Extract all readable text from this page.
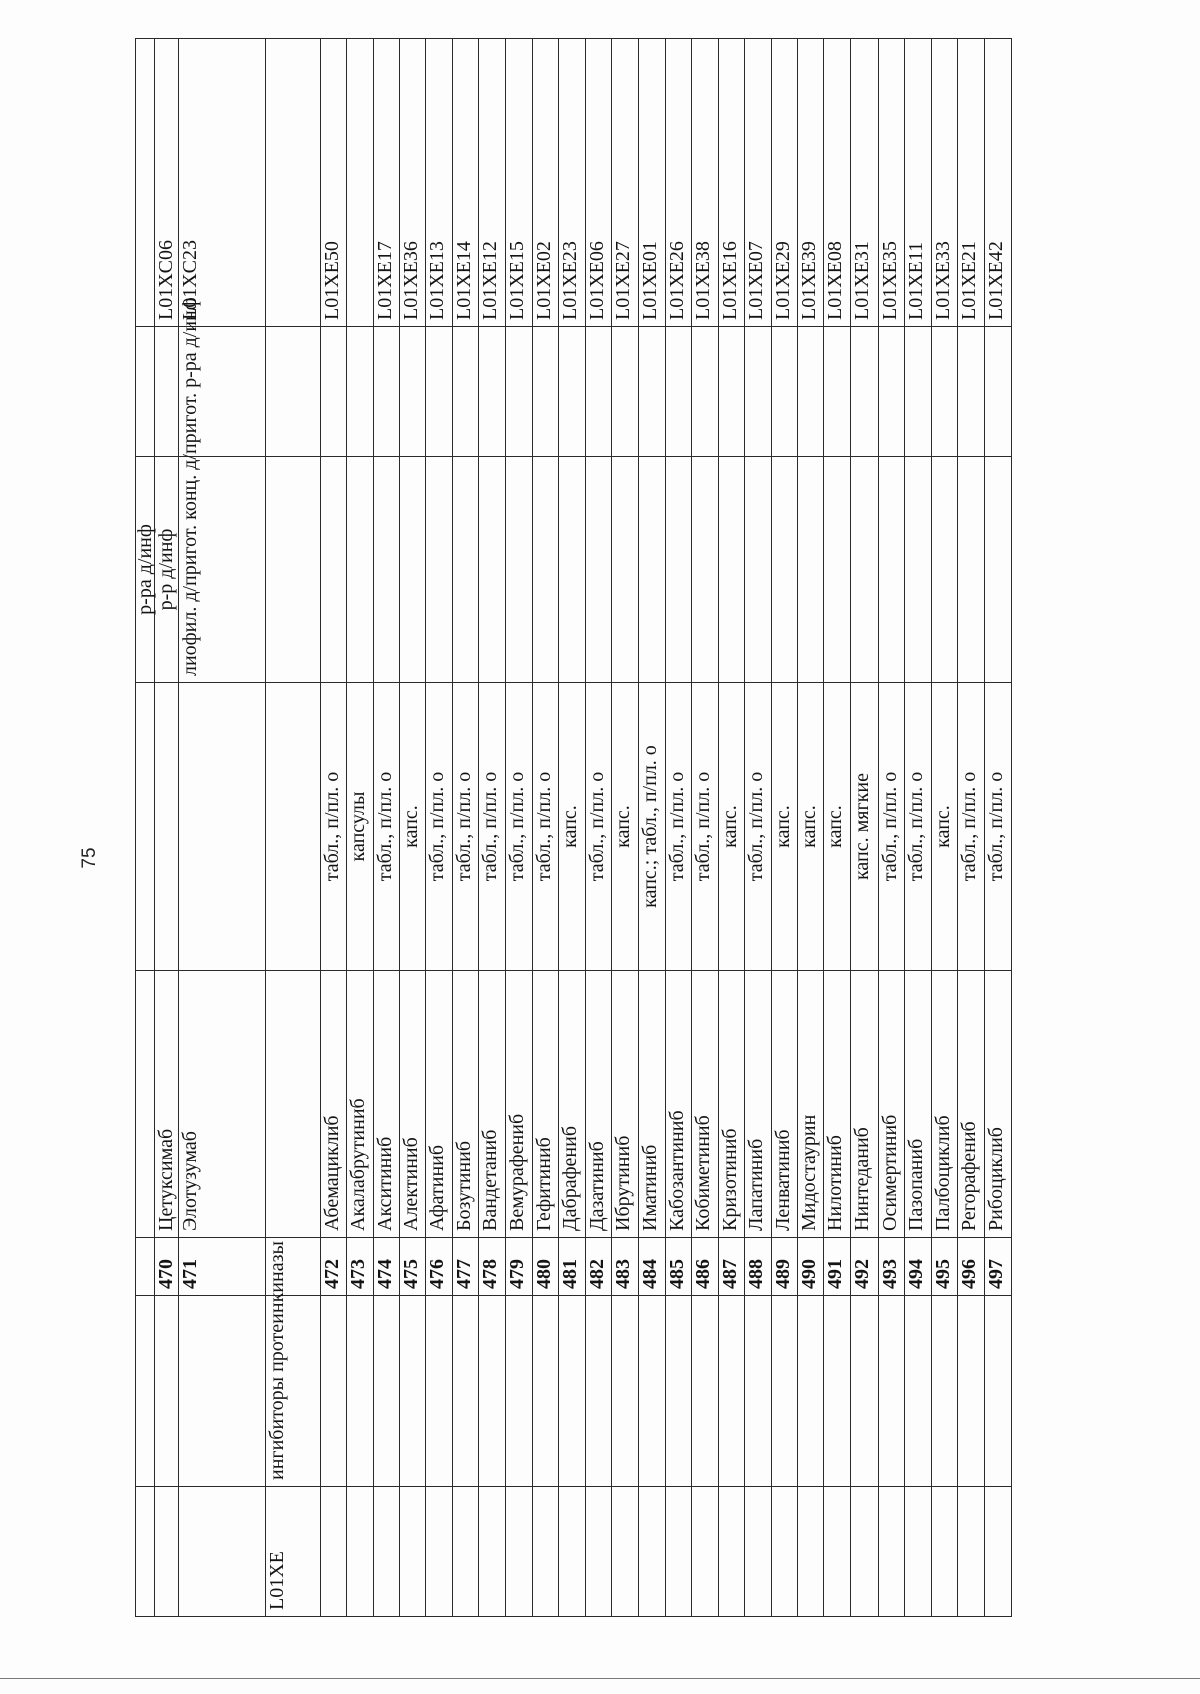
75
					р-ра д/инф		
		470	Цетуксимаб		р-р д/инф		L01XC06
		471	Элотузумаб		лиофил. д/пригот. конц. д/пригот. р-ра д/инф		L01XC23
L01XE	ингибиторы протеинкиназы						
		472	Абемациклиб	табл., п/пл. о			L01XE50
		473	Акалабрутиниб	капсулы			
		474	Акситиниб	табл., п/пл. о			L01XE17
		475	Алектиниб	капс.			L01XE36
		476	Афатиниб	табл., п/пл. о			L01XE13
		477	Бозутиниб	табл., п/пл. о			L01XE14
		478	Вандетаниб	табл., п/пл. о			L01XE12
		479	Вемурафениб	табл., п/пл. о			L01XE15
		480	Гефитиниб	табл., п/пл. о			L01XE02
		481	Дабрафениб	капс.			L01XE23
		482	Дазатиниб	табл., п/пл. о			L01XE06
		483	Ибрутиниб	капс.			L01XE27
		484	Иматиниб	капс.; табл., п/пл. о			L01XE01
		485	Кабозантиниб	табл., п/пл. о			L01XE26
		486	Кобиметиниб	табл., п/пл. о			L01XE38
		487	Кризотиниб	капс.			L01XE16
		488	Лапатиниб	табл., п/пл. о			L01XE07
		489	Ленватиниб	капс.			L01XE29
		490	Мидостаурин	капс.			L01XE39
		491	Нилотиниб	капс.			L01XE08
		492	Нинтеданиб	капс. мягкие			L01XE31
		493	Осимертиниб	табл., п/пл. о			L01XE35
		494	Пазопаниб	табл., п/пл. о			L01XE11
		495	Палбоциклиб	капс.			L01XE33
		496	Регорафениб	табл., п/пл. о			L01XE21
		497	Рибоциклиб	табл., п/пл. о			L01XE42
